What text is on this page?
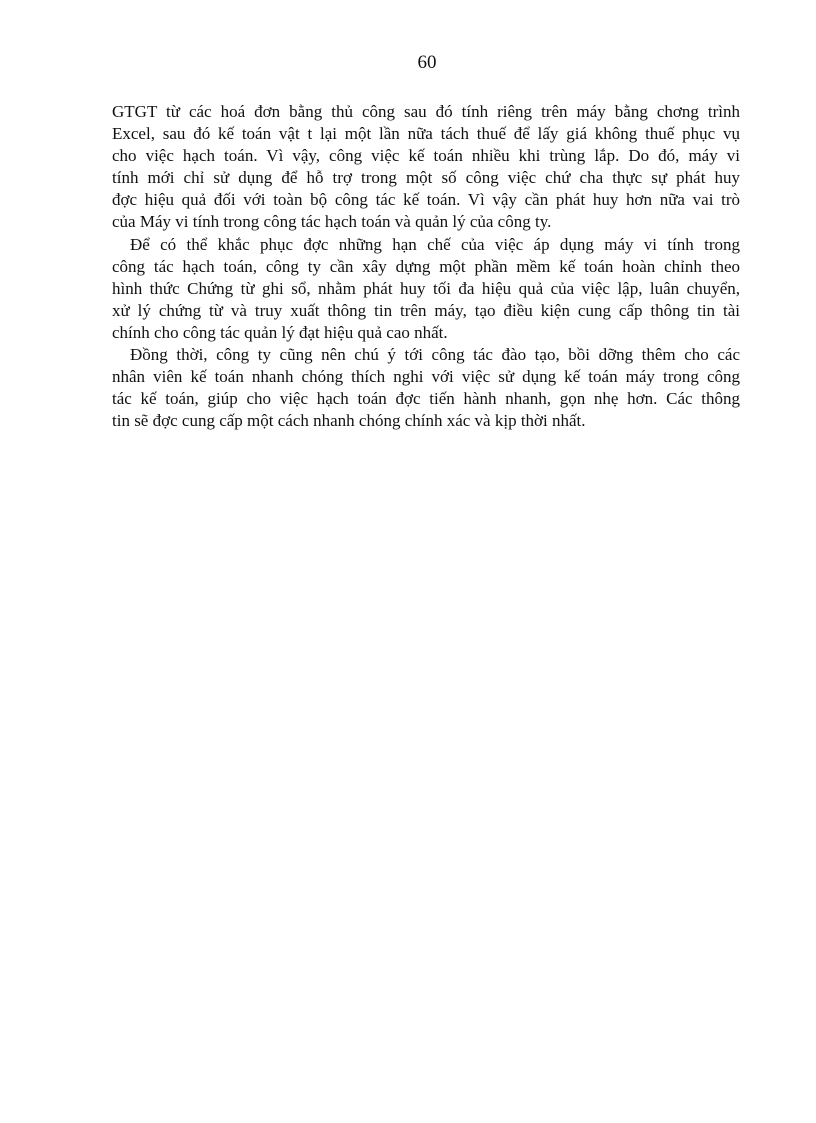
60
GTGT từ các hoá đơn bằng thủ công sau đó tính riêng trên máy bằng chơng trình
Excel, sau đó kế toán vật t lại một lần nữa tách thuế để lấy giá không thuế phục vụ
cho việc hạch toán. Vì vậy, công việc kế toán nhiều khi trùng lắp. Do đó, máy vi
tính mới chỉ sử dụng để hỗ trợ trong một số công việc chứ cha thực sự phát huy
đợc hiệu quả đối với toàn bộ công tác kế toán. Vì vậy cần phát huy hơn nữa vai trò
của Máy vi tính trong công tác hạch toán và quản lý của công ty.
Để có thể khắc phục đợc những hạn chế của việc áp dụng máy vi tính trong
công tác hạch toán, công ty cần xây dựng một phần mềm kế toán hoàn chỉnh theo
hình thức Chứng từ ghi sổ, nhằm phát huy tối đa hiệu quả của việc lập, luân chuyển,
xử lý chứng từ và truy xuất thông tin trên máy, tạo điều kiện cung cấp thông tin tài
chính cho công tác quản lý đạt hiệu quả cao nhất.
Đồng thời, công ty cũng nên chú ý tới công tác đào tạo, bồi dỡng thêm cho các
nhân viên kế toán nhanh chóng thích nghi với việc sử dụng kế toán máy trong công
tác kế toán, giúp cho việc hạch toán đợc tiến hành nhanh, gọn nhẹ hơn. Các thông
tin sẽ đợc cung cấp một cách nhanh chóng chính xác và kịp thời nhất.
